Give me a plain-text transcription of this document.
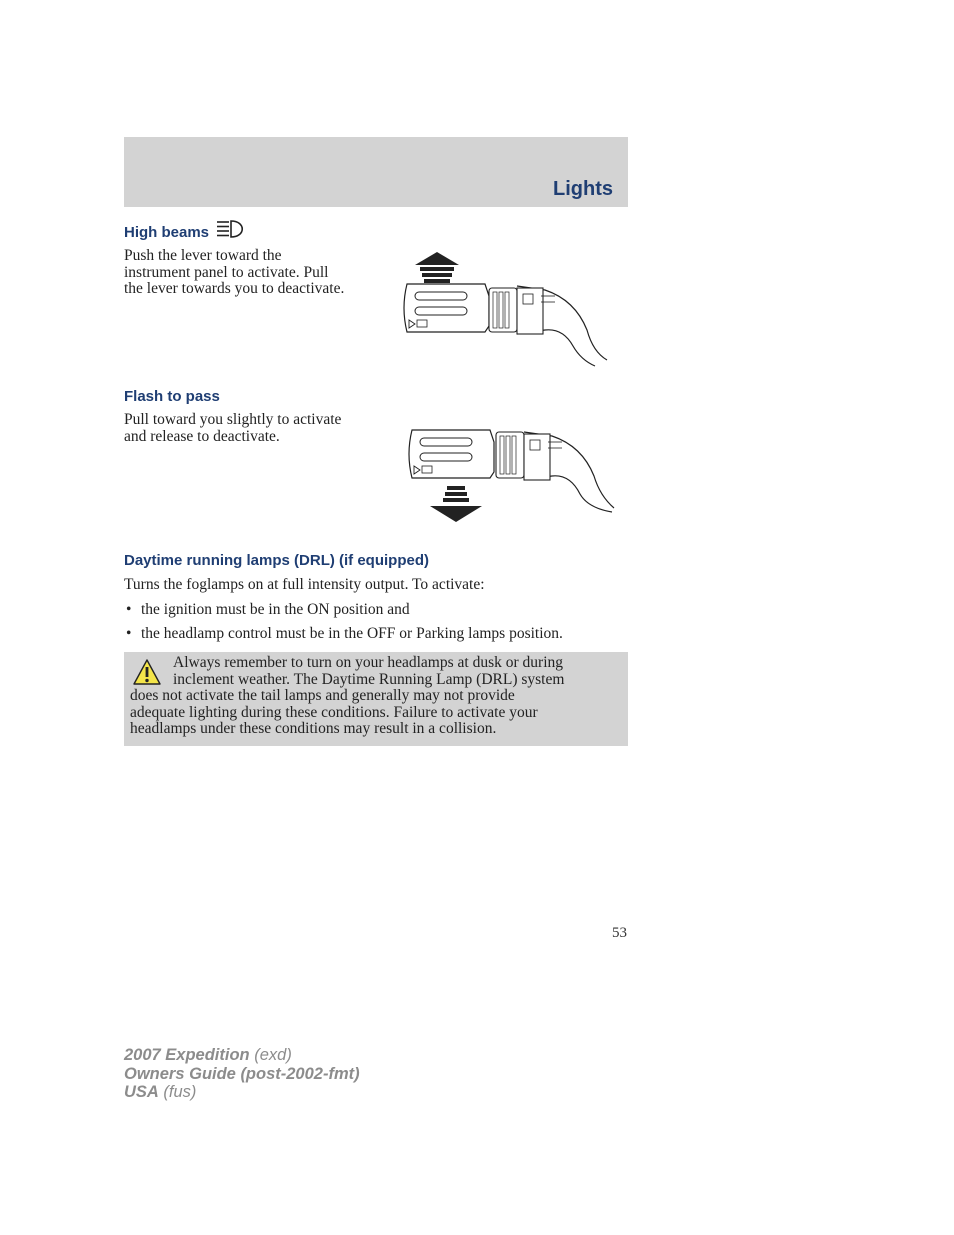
Lights
High beams
Push the lever toward the
instrument panel to activate. Pull
the lever towards you to deactivate.
Flash to pass
Pull toward you slightly to activate
and release to deactivate.
Daytime running lamps (DRL) (if equipped)
Turns the foglamps on at full intensity output. To activate:
• the ignition must be in the ON position and
• the headlamp control must be in the OFF or Parking lamps position.
Always remember to turn on your headlamps at dusk or during
inclement weather. The Daytime Running Lamp (DRL) system
does not activate the tail lamps and generally may not provide
adequate lighting during these conditions. Failure to activate your
headlamps under these conditions may result in a collision.
53
2007 Expedition (exd)
Owners Guide (post-2002-fmt)
USA (fus)
